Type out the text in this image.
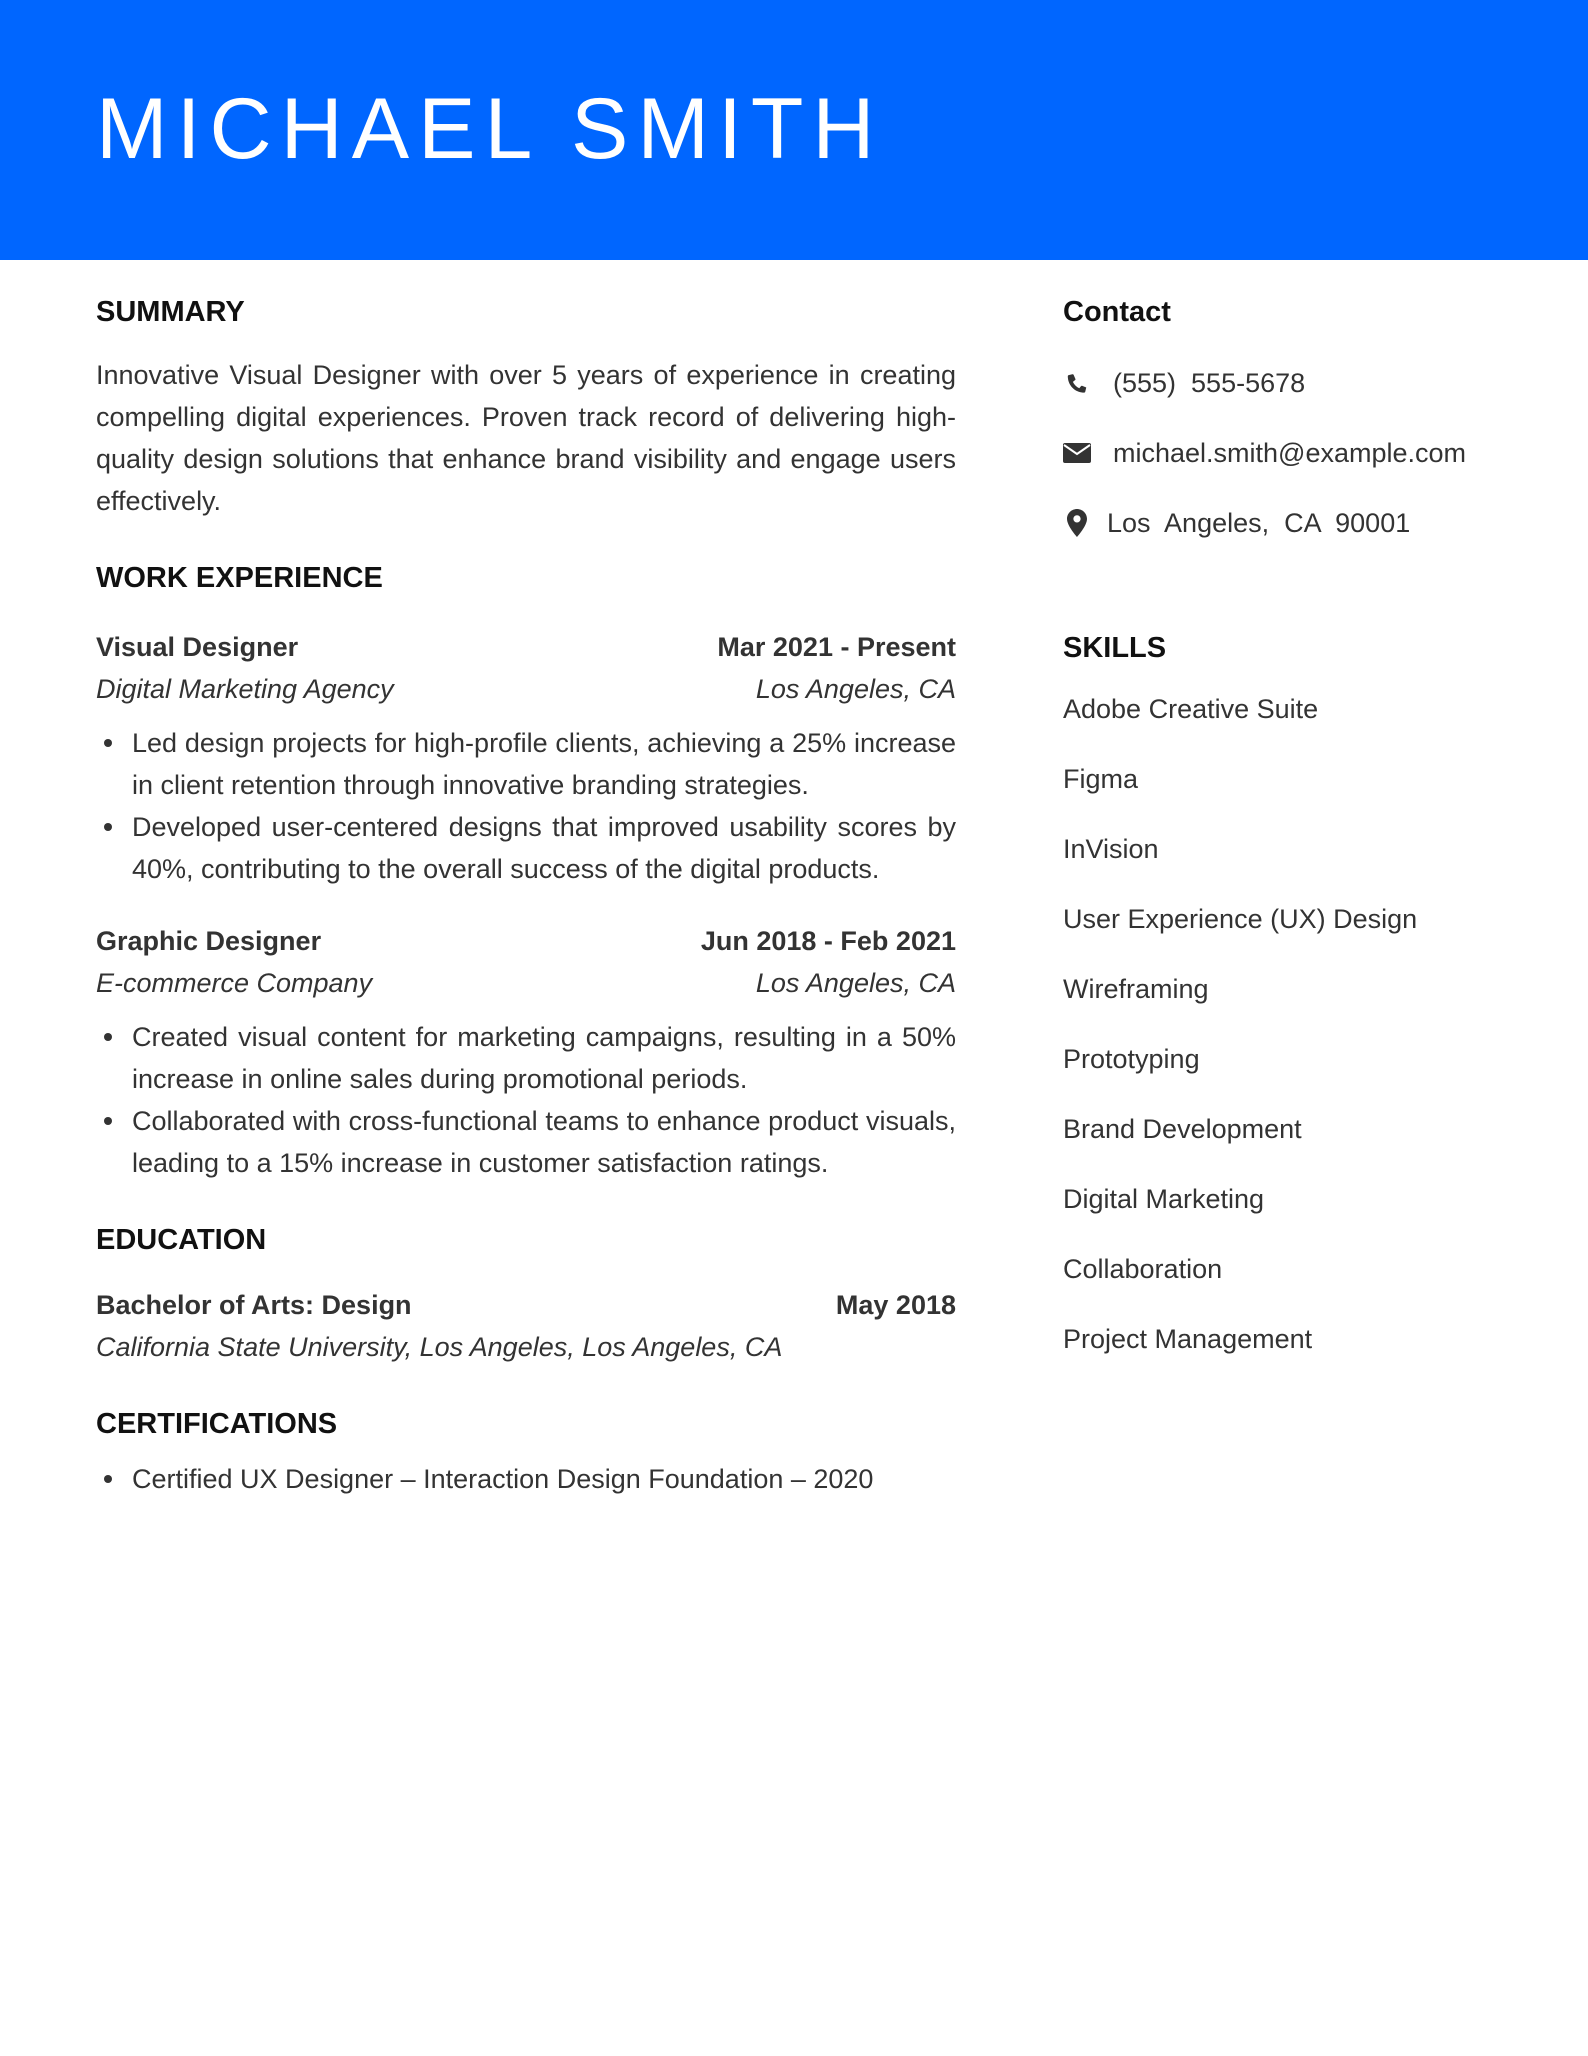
MICHAEL SMITH
SUMMARY

Innovative Visual Designer with over 5 years of experience in creating compelling digital experiences. Proven track record of delivering high-quality design solutions that enhance brand visibility and engage users effectively.

WORK EXPERIENCE
Visual Designer	Mar 2021 - Present
Digital Marketing Agency	Los Angeles, CA
Led design projects for high-profile clients, achieving a 25% increase in client retention through innovative branding strategies.
Developed user-centered designs that improved usability scores by 40%, contributing to the overall success of the digital products.
Graphic Designer	Jun 2018 - Feb 2021
E-commerce Company	Los Angeles, CA
Created visual content for marketing campaigns, resulting in a 50% increase in online sales during promotional periods.
Collaborated with cross-functional teams to enhance product visuals, leading to a 15% increase in customer satisfaction ratings.
EDUCATION
Bachelor of Arts: Design	May 2018
California State University, Los Angeles, Los Angeles, CA
CERTIFICATIONS
Certified UX Designer – Interaction Design Foundation – 2020
Contact
(555)  555-5678
michael.smith@example.com
Los  Angeles,  CA  90001
SKILLS
Adobe Creative Suite
Figma
InVision
User Experience (UX) Design
Wireframing
Prototyping
Brand Development
Digital Marketing
Collaboration
Project Management
